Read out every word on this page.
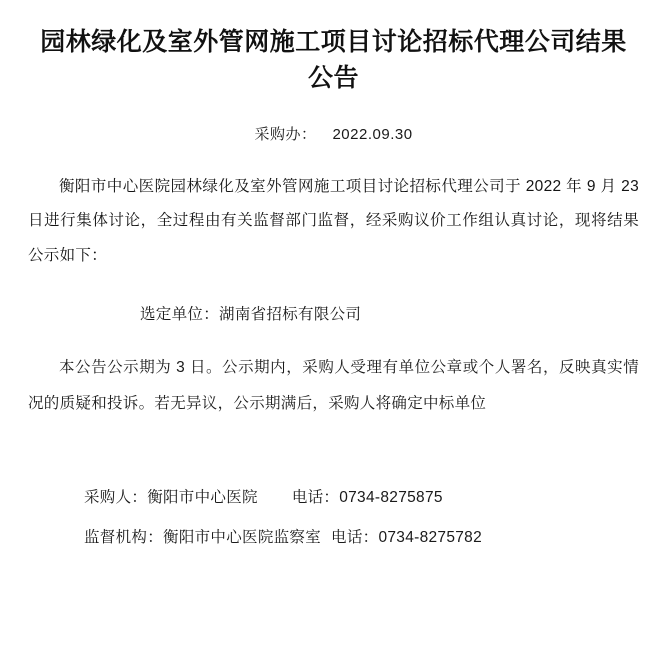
园林绿化及室外管网施工项目讨论招标代理公司结果公告
采购办： 2022.09.30

衡阳市中心医院园林绿化及室外管网施工项目讨论招标代理公司于 2022 年 9 月 23 日进行集体讨论，全过程由有关监督部门监督，经采购议价工作组认真讨论，现将结果公示如下：

选定单位：湖南省招标有限公司

本公告公示期为 3 日。公示期内，采购人受理有单位公章或个人署名，反映真实情况的质疑和投诉。若无异议，公示期满后，采购人将确定中标单位

采购人：衡阳市中心医院 电话：0734-8275875
监督机构：衡阳市中心医院监察室 电话：0734-8275782
